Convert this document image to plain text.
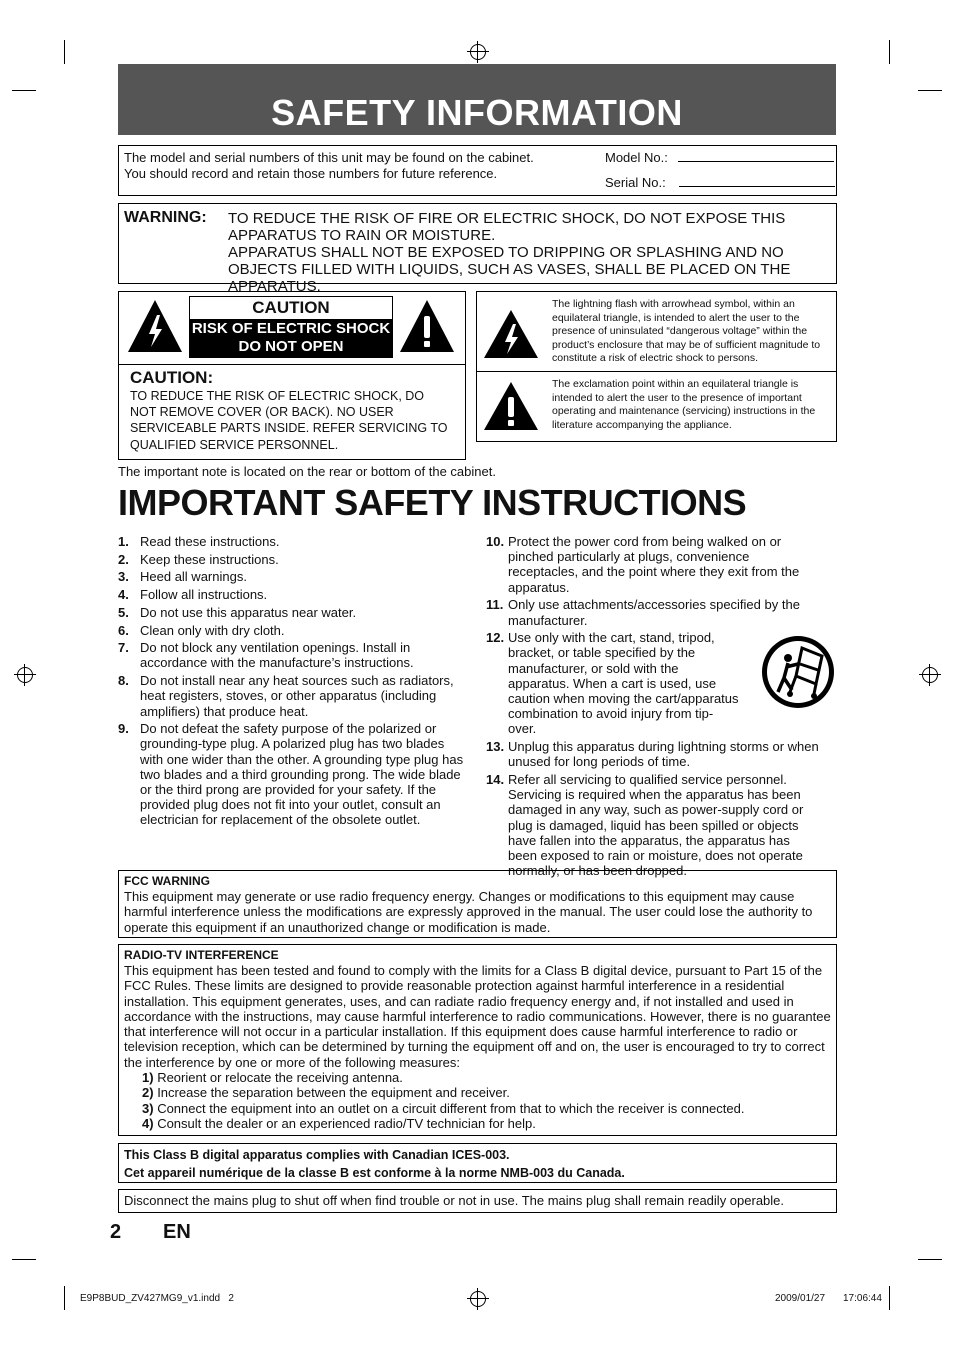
SAFETY INFORMATION
The model and serial numbers of this unit may be found on the cabinet.
You should record and retain those numbers for future reference.
Model No.:
Serial No.:
WARNING: TO REDUCE THE RISK OF FIRE OR ELECTRIC SHOCK, DO NOT EXPOSE THIS APPARATUS TO RAIN OR MOISTURE.
APPARATUS SHALL NOT BE EXPOSED TO DRIPPING OR SPLASHING AND NO OBJECTS FILLED WITH LIQUIDS, SUCH AS VASES, SHALL BE PLACED ON THE APPARATUS.
CAUTION
RISK OF ELECTRIC SHOCK
DO NOT OPEN
CAUTION:
TO REDUCE THE RISK OF ELECTRIC SHOCK, DO NOT REMOVE COVER (OR BACK). NO USER SERVICEABLE PARTS INSIDE. REFER SERVICING TO QUALIFIED SERVICE PERSONNEL.
The lightning flash with arrowhead symbol, within an equilateral triangle, is intended to alert the user to the presence of uninsulated “dangerous voltage” within the product’s enclosure that may be of sufficient magnitude to constitute a risk of electric shock to persons.
The exclamation point within an equilateral triangle is intended to alert the user to the presence of important operating and maintenance (servicing) instructions in the literature accompanying the appliance.
The important note is located on the rear or bottom of the cabinet.
IMPORTANT SAFETY INSTRUCTIONS
1. Read these instructions.
2. Keep these instructions.
3. Heed all warnings.
4. Follow all instructions.
5. Do not use this apparatus near water.
6. Clean only with dry cloth.
7. Do not block any ventilation openings. Install in accordance with the manufacture’s instructions.
8. Do not install near any heat sources such as radiators, heat registers, stoves, or other apparatus (including amplifiers) that produce heat.
9. Do not defeat the safety purpose of the polarized or grounding-type plug. A polarized plug has two blades with one wider than the other. A grounding type plug has two blades and a third grounding prong. The wide blade or the third prong are provided for your safety. If the provided plug does not fit into your outlet, consult an electrician for replacement of the obsolete outlet.
10. Protect the power cord from being walked on or pinched particularly at plugs, convenience receptacles, and the point where they exit from the apparatus.
11. Only use attachments/accessories specified by the manufacturer.
12. Use only with the cart, stand, tripod, bracket, or table specified by the manufacturer, or sold with the apparatus. When a cart is used, use caution when moving the cart/apparatus combination to avoid injury from tip-over.
13. Unplug this apparatus during lightning storms or when unused for long periods of time.
14. Refer all servicing to qualified service personnel. Servicing is required when the apparatus has been damaged in any way, such as power-supply cord or plug is damaged, liquid has been spilled or objects have fallen into the apparatus, the apparatus has been exposed to rain or moisture, does not operate normally, or has been dropped.
FCC WARNING
This equipment may generate or use radio frequency energy. Changes or modifications to this equipment may cause harmful interference unless the modifications are expressly approved in the manual. The user could lose the authority to operate this equipment if an unauthorized change or modification is made.
RADIO-TV INTERFERENCE
This equipment has been tested and found to comply with the limits for a Class B digital device, pursuant to Part 15 of the FCC Rules. These limits are designed to provide reasonable protection against harmful interference in a residential installation. This equipment generates, uses, and can radiate radio frequency energy and, if not installed and used in accordance with the instructions, may cause harmful interference to radio communications. However, there is no guarantee that interference will not occur in a particular installation. If this equipment does cause harmful interference to radio or television reception, which can be determined by turning the equipment off and on, the user is encouraged to try to correct the interference by one or more of the following measures:
1) Reorient or relocate the receiving antenna.
2) Increase the separation between the equipment and receiver.
3) Connect the equipment into an outlet on a circuit different from that to which the receiver is connected.
4) Consult the dealer or an experienced radio/TV technician for help.
This Class B digital apparatus complies with Canadian ICES-003.
Cet appareil numérique de la classe B est conforme à la norme NMB-003 du Canada.
Disconnect the mains plug to shut off when find trouble or not in use. The mains plug shall remain readily operable.
2 EN
E9P8BUD_ZV427MG9_v1.indd   2	2009/01/27 17:06:44
